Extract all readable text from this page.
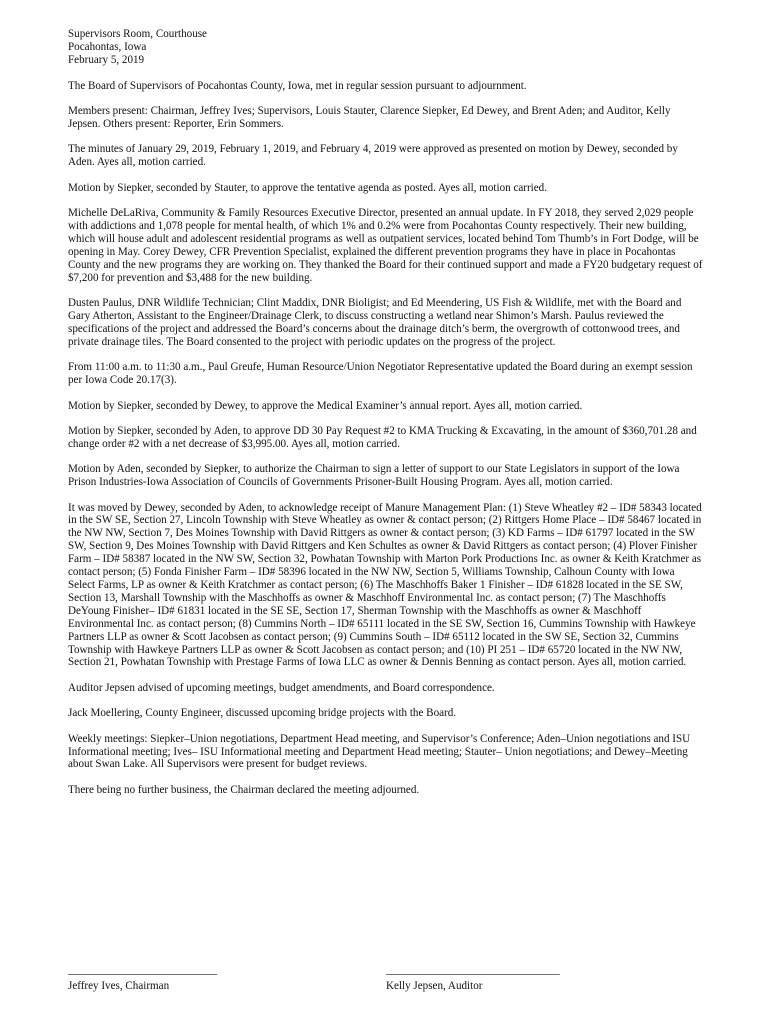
Supervisors Room, Courthouse
Pocahontas, Iowa
February 5, 2019

The Board of Supervisors of Pocahontas County, Iowa, met in regular session pursuant to adjournment.

Members present: Chairman, Jeffrey Ives; Supervisors, Louis Stauter, Clarence Siepker, Ed Dewey, and Brent Aden; and Auditor, Kelly Jepsen. Others present: Reporter, Erin Sommers.

The minutes of January 29, 2019, February 1, 2019, and February 4, 2019 were approved as presented on motion by Dewey, seconded by Aden. Ayes all, motion carried.

Motion by Siepker, seconded by Stauter, to approve the tentative agenda as posted. Ayes all, motion carried.

Michelle DeLaRiva, Community & Family Resources Executive Director, presented an annual update. In FY 2018, they served 2,029 people with addictions and 1,078 people for mental health, of which 1% and 0.2% were from Pocahontas County respectively. Their new building, which will house adult and adolescent residential programs as well as outpatient services, located behind Tom Thumb’s in Fort Dodge, will be opening in May. Corey Dewey, CFR Prevention Specialist, explained the different prevention programs they have in place in Pocahontas County and the new programs they are working on. They thanked the Board for their continued support and made a FY20 budgetary request of $7,200 for prevention and $3,488 for the new building.

Dusten Paulus, DNR Wildlife Technician; Clint Maddix, DNR Bioligist; and Ed Meendering, US Fish & Wildlife, met with the Board and Gary Atherton, Assistant to the Engineer/Drainage Clerk, to discuss constructing a wetland near Shimon’s Marsh. Paulus reviewed the specifications of the project and addressed the Board’s concerns about the drainage ditch’s berm, the overgrowth of cottonwood trees, and private drainage tiles. The Board consented to the project with periodic updates on the progress of the project.

From 11:00 a.m. to 11:30 a.m., Paul Greufe, Human Resource/Union Negotiator Representative updated the Board during an exempt session per Iowa Code 20.17(3).

Motion by Siepker, seconded by Dewey, to approve the Medical Examiner’s annual report. Ayes all, motion carried.

Motion by Siepker, seconded by Aden, to approve DD 30 Pay Request #2 to KMA Trucking & Excavating, in the amount of $360,701.28 and change order #2 with a net decrease of $3,995.00. Ayes all, motion carried.

Motion by Aden, seconded by Siepker, to authorize the Chairman to sign a letter of support to our State Legislators in support of the Iowa Prison Industries-Iowa Association of Councils of Governments Prisoner-Built Housing Program. Ayes all, motion carried.

It was moved by Dewey, seconded by Aden, to acknowledge receipt of Manure Management Plan: (1) Steve Wheatley #2 – ID# 58343 located in the SW SE, Section 27, Lincoln Township with Steve Wheatley as owner & contact person; (2) Rittgers Home Place – ID# 58467 located in the NW NW, Section 7, Des Moines Township with David Rittgers as owner & contact person; (3) KD Farms – ID# 61797 located in the SW SW, Section 9, Des Moines Township with David Rittgers and Ken Schultes as owner & David Rittgers as contact person; (4) Plover Finisher Farm – ID# 58387 located in the NW SW, Section 32, Powhatan Township with Marton Pork Productions Inc. as owner & Keith Kratchmer as contact person; (5) Fonda Finisher Farm – ID# 58396 located in the NW NW, Section 5, Williams Township, Calhoun County with Iowa Select Farms, LP as owner & Keith Kratchmer as contact person; (6) The Maschhoffs Baker 1 Finisher – ID# 61828 located in the SE SW, Section 13, Marshall Township with the Maschhoffs as owner & Maschhoff Environmental Inc. as contact person; (7) The Maschhoffs DeYoung Finisher– ID# 61831 located in the SE SE, Section 17, Sherman Township with the Maschhoffs as owner & Maschhoff Environmental Inc. as contact person; (8) Cummins North – ID# 65111 located in the SE SW, Section 16, Cummins Township with Hawkeye Partners LLP as owner & Scott Jacobsen as contact person; (9) Cummins South – ID# 65112 located in the SW SE, Section 32, Cummins Township with Hawkeye Partners LLP as owner & Scott Jacobsen as contact person; and (10) PI 251 – ID# 65720 located in the NW NW, Section 21, Powhatan Township with Prestage Farms of Iowa LLC as owner & Dennis Benning as contact person. Ayes all, motion carried.

Auditor Jepsen advised of upcoming meetings, budget amendments, and Board correspondence.

Jack Moellering, County Engineer, discussed upcoming bridge projects with the Board.

Weekly meetings: Siepker–Union negotiations, Department Head meeting, and Supervisor’s Conference; Aden–Union negotiations and ISU Informational meeting; Ives– ISU Informational meeting and Department Head meeting; Stauter– Union negotiations; and Dewey–Meeting about Swan Lake. All Supervisors were present for budget reviews.

There being no further business, the Chairman declared the meeting adjourned.

______________________________
Jeffrey Ives, Chairman
___________________________________
Kelly Jepsen, Auditor
